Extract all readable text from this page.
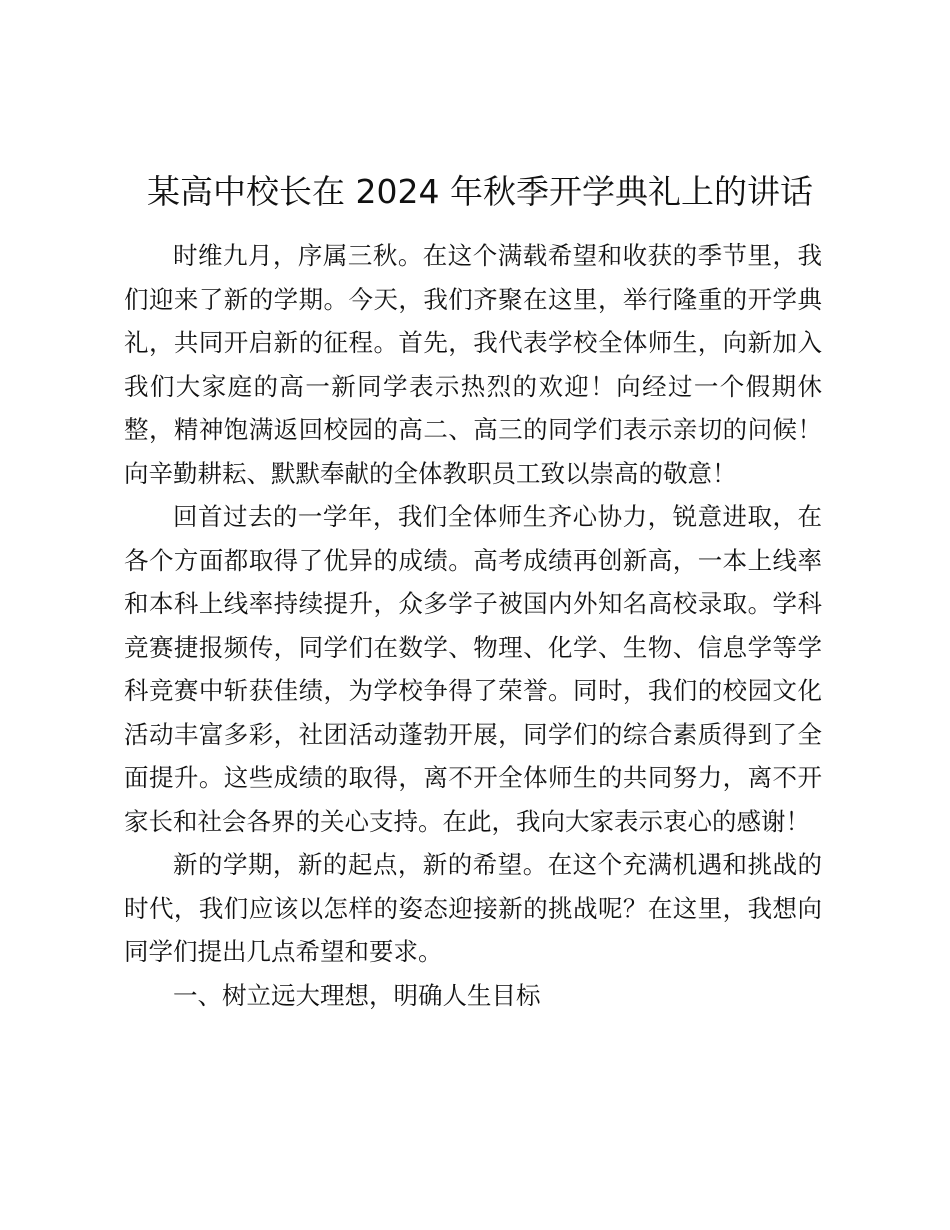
某高中校长在 2024 年秋季开学典礼上的讲话

时维九月，序属三秋。在这个满载希望和收获的季节里，我们迎来了新的学期。今天，我们齐聚在这里，举行隆重的开学典礼，共同开启新的征程。首先，我代表学校全体师生，向新加入我们大家庭的高一新同学表示热烈的欢迎！向经过一个假期休整，精神饱满返回校园的高二、高三的同学们表示亲切的问候！向辛勤耕耘、默默奉献的全体教职员工致以崇高的敬意！

回首过去的一学年，我们全体师生齐心协力，锐意进取，在各个方面都取得了优异的成绩。高考成绩再创新高，一本上线率和本科上线率持续提升，众多学子被国内外知名高校录取。学科竞赛捷报频传，同学们在数学、物理、化学、生物、信息学等学科竞赛中斩获佳绩，为学校争得了荣誉。同时，我们的校园文化活动丰富多彩，社团活动蓬勃开展，同学们的综合素质得到了全面提升。这些成绩的取得，离不开全体师生的共同努力，离不开家长和社会各界的关心支持。在此，我向大家表示衷心的感谢！

新的学期，新的起点，新的希望。在这个充满机遇和挑战的时代，我们应该以怎样的姿态迎接新的挑战呢？在这里，我想向同学们提出几点希望和要求。

一、树立远大理想，明确人生目标
